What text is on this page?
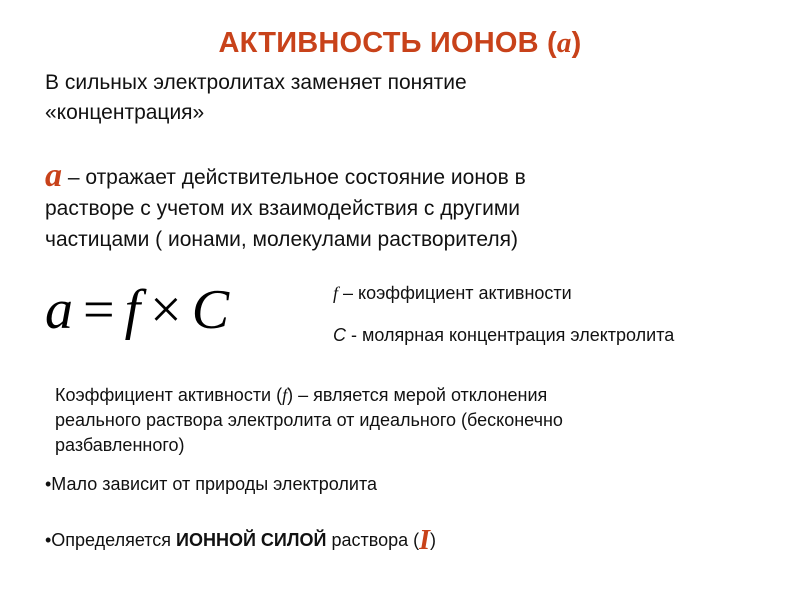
АКТИВНОСТЬ ИОНОВ (a)
В сильных электролитах заменяет понятие
«концентрация»
a – отражает действительное состояние ионов в
растворе с учетом их взаимодействия с другими
частицами ( ионами, молекулами растворителя)
a = f × C	f – коэффициент активности
C - молярная концентрация электролита
Коэффициент активности (f) – является мерой отклонения
реального раствора электролита от идеального (бесконечно
разбавленного)
•Мало зависит от природы электролита
•Определяется ИОННОЙ СИЛОЙ раствора (I)
